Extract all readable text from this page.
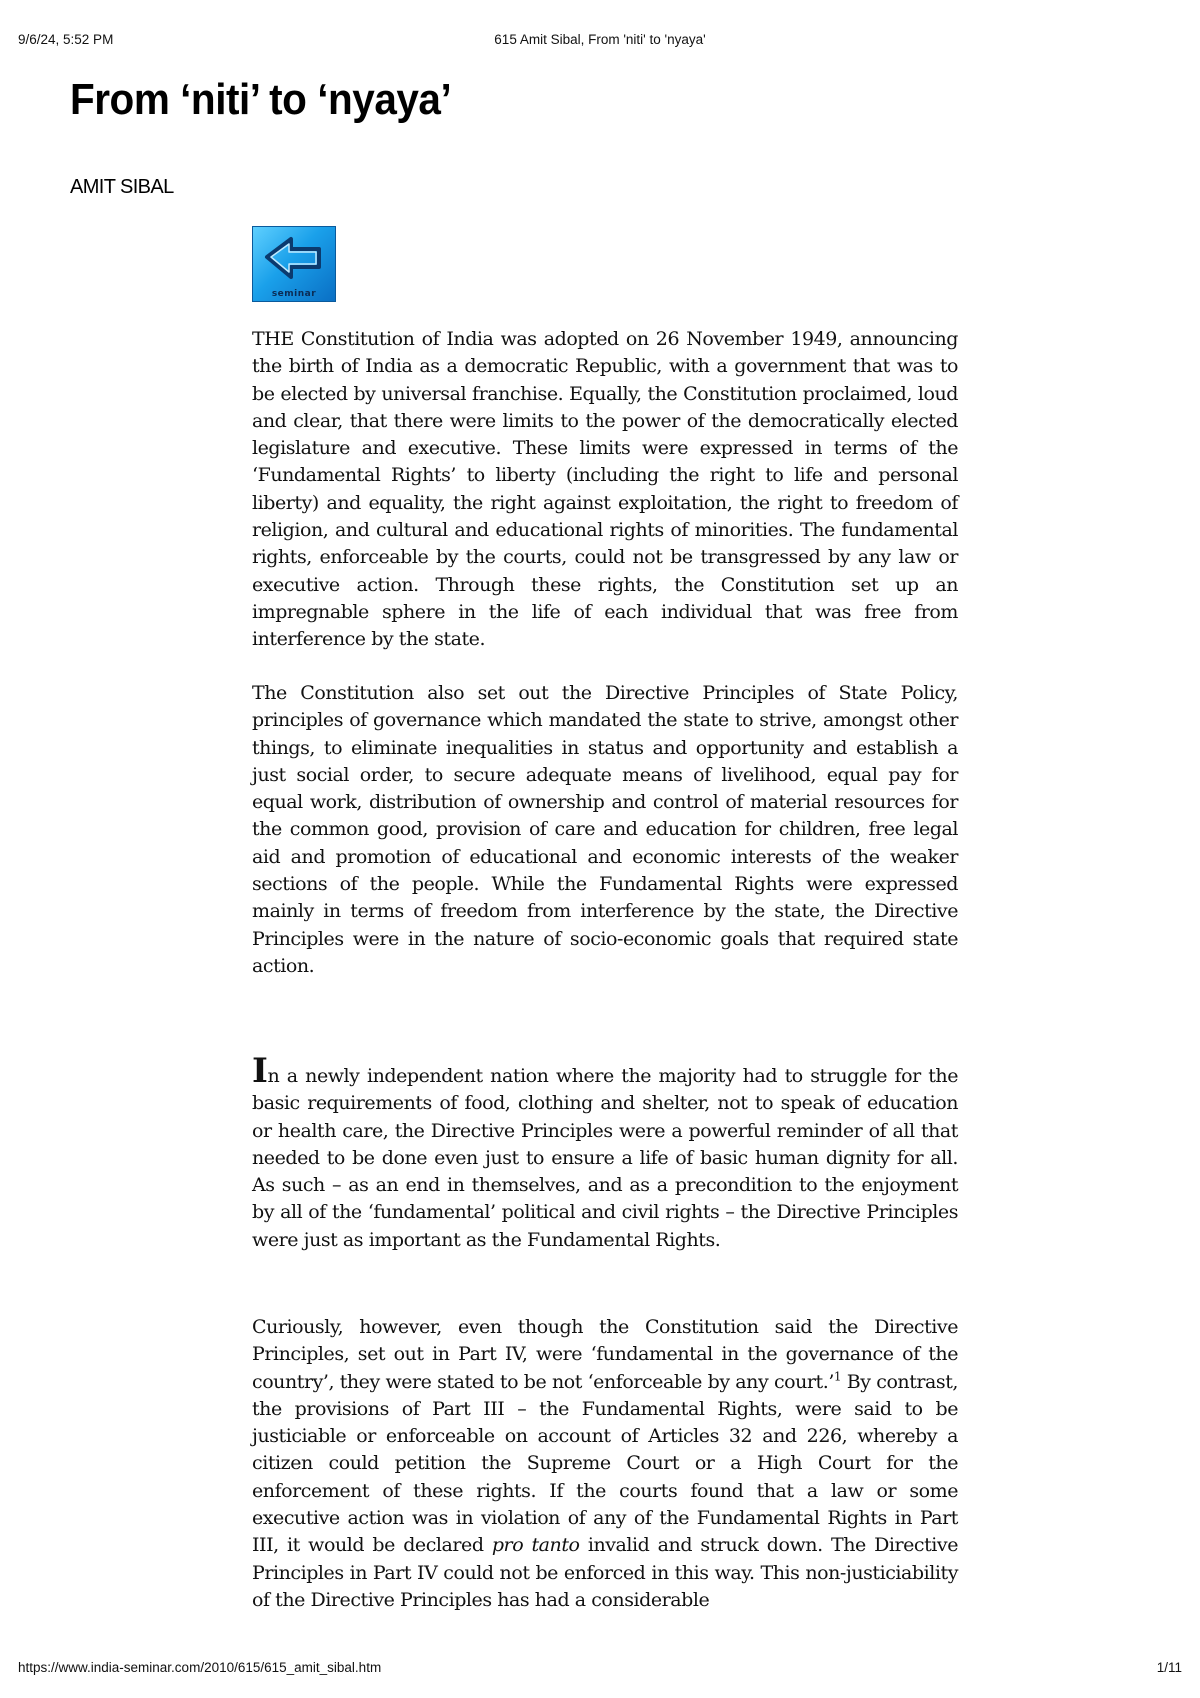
9/6/24, 5:52 PM	615 Amit Sibal, From 'niti' to 'nyaya'
From ‘niti’ to ‘nyaya’
AMIT SIBAL
seminar

THE Constitution of India was adopted on 26 November 1949, announcing the birth of India as a democratic Republic, with a government that was to be elected by universal franchise. Equally, the Constitution proclaimed, loud and clear, that there were limits to the power of the democratically elected legislature and executive. These limits were expressed in terms of the ‘Fundamental Rights’ to liberty (including the right to life and personal liberty) and equality, the right against exploitation, the right to freedom of religion, and cultural and educational rights of minorities. The fundamental rights, enforceable by the courts, could not be transgressed by any law or executive action. Through these rights, the Constitution set up an impregnable sphere in the life of each individual that was free from interference by the state.

The Constitution also set out the Directive Principles of State Policy, principles of governance which mandated the state to strive, amongst other things, to eliminate inequalities in status and opportunity and establish a just social order, to secure adequate means of livelihood, equal pay for equal work, distribution of ownership and control of material resources for the common good, provision of care and education for children, free legal aid and promotion of educational and economic interests of the weaker sections of the people. While the Fundamental Rights were expressed mainly in terms of freedom from interference by the state, the Directive Principles were in the nature of socio-economic goals that required state action.

In a newly independent nation where the majority had to struggle for the basic requirements of food, clothing and shelter, not to speak of education or health care, the Directive Principles were a powerful reminder of all that needed to be done even just to ensure a life of basic human dignity for all. As such – as an end in themselves, and as a precondition to the enjoyment by all of the ‘fundamental’ political and civil rights – the Directive Principles were just as important as the Fundamental Rights.

Curiously, however, even though the Constitution said the Directive Principles, set out in Part IV, were ‘fundamental in the governance of the country’, they were stated to be not ‘enforceable by any court.’$^1$ By contrast, the provisions of Part III – the Fundamental Rights, were said to be justiciable or enforceable on account of Articles 32 and 226, whereby a citizen could petition the Supreme Court or a High Court for the enforcement of these rights. If the courts found that a law or some executive action was in violation of any of the Fundamental Rights in Part III, it would be declared pro tanto invalid and struck down. The Directive Principles in Part IV could not be enforced in this way. This non-justiciability of the Directive Principles has had a considerable

https://www.india-seminar.com/2010/615/615_amit_sibal.htm	1/11
